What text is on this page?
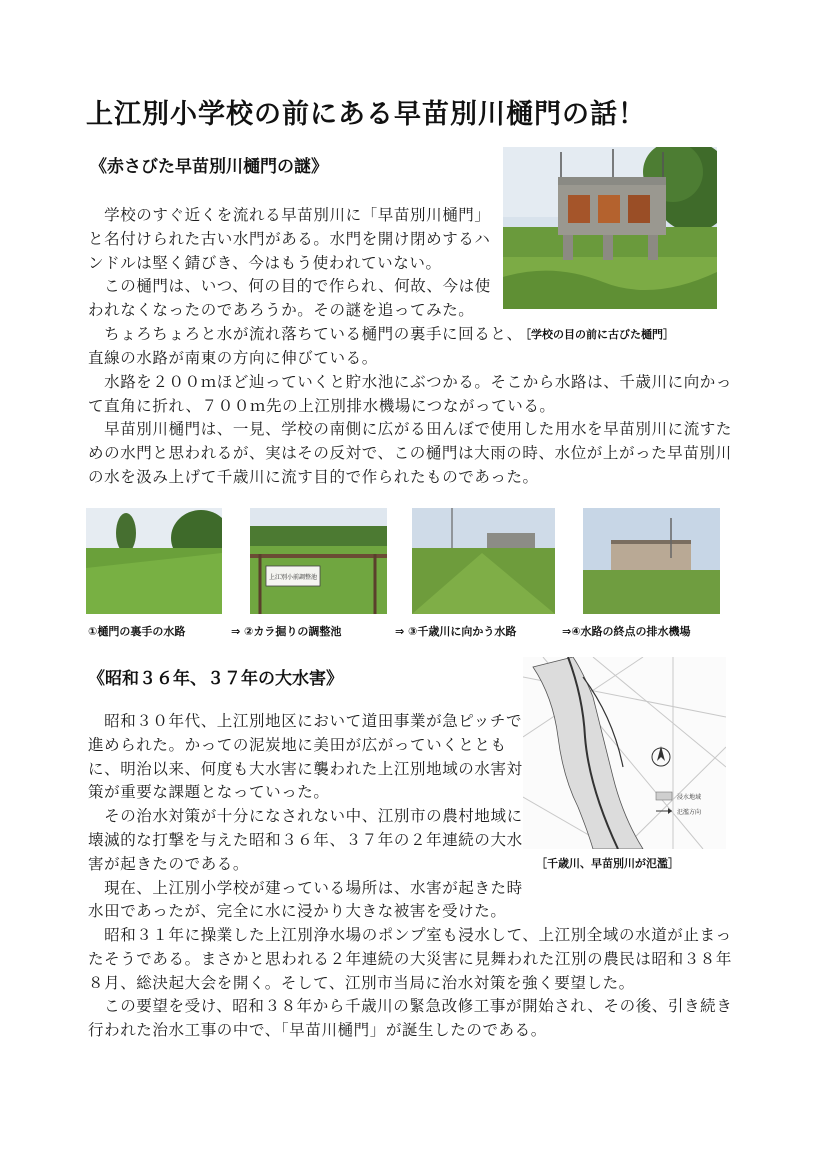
上江別小学校の前にある早苗別川樋門の話！
《赤さびた早苗別川樋門の謎》
　学校のすぐ近くを流れる早苗別川に「早苗別川樋門」
と名付けられた古い水門がある。水門を開け閉めするハ
ンドルは堅く錆びき、今はもう使われていない。
　この樋門は、いつ、何の目的で作られ、何故、今は使
われなくなったのであろうか。その謎を追ってみた。
　ちょろちょろと水が流れ落ちている樋門の裏手に回ると、
［学校の目の前に古びた樋門］
直線の水路が南東の方向に伸びている。
　水路を２００ｍほど辿っていくと貯水池にぶつかる。そこから水路は、千歳川に向かっ
て直角に折れ、７００ｍ先の上江別排水機場につながっている。
　早苗別川樋門は、一見、学校の南側に広がる田んぼで使用した用水を早苗別川に流すた
めの水門と思われるが、実はその反対で、この樋門は大雨の時、水位が上がった早苗別川
の水を汲み上げて千歳川に流す目的で作られたものであった。
上江別小前調整池
①樋門の裏手の水路	⇒ ②カラ掘りの調整池	⇒ ③千歳川に向かう水路	⇒④水路の終点の排水機場
《昭和３６年、３７年の大水害》
浸水地域
氾濫方向
［千歳川、早苗別川が氾濫］
　昭和３０年代、上江別地区において道田事業が急ピッチで
進められた。かっての泥炭地に美田が広がっていくととも
に、明治以来、何度も大水害に襲われた上江別地域の水害対
策が重要な課題となっていった。
　その治水対策が十分になされない中、江別市の農村地域に
壊滅的な打撃を与えた昭和３６年、３７年の２年連続の大水
害が起きたのである。
　現在、上江別小学校が建っている場所は、水害が起きた時
水田であったが、完全に水に浸かり大きな被害を受けた。
　昭和３１年に操業した上江別浄水場のポンプ室も浸水して、上江別全域の水道が止まっ
たそうである。まさかと思われる２年連続の大災害に見舞われた江別の農民は昭和３８年
８月、総決起大会を開く。そして、江別市当局に治水対策を強く要望した。
　この要望を受け、昭和３８年から千歳川の緊急改修工事が開始され、その後、引き続き
行われた治水工事の中で、「早苗川樋門」が誕生したのである。
